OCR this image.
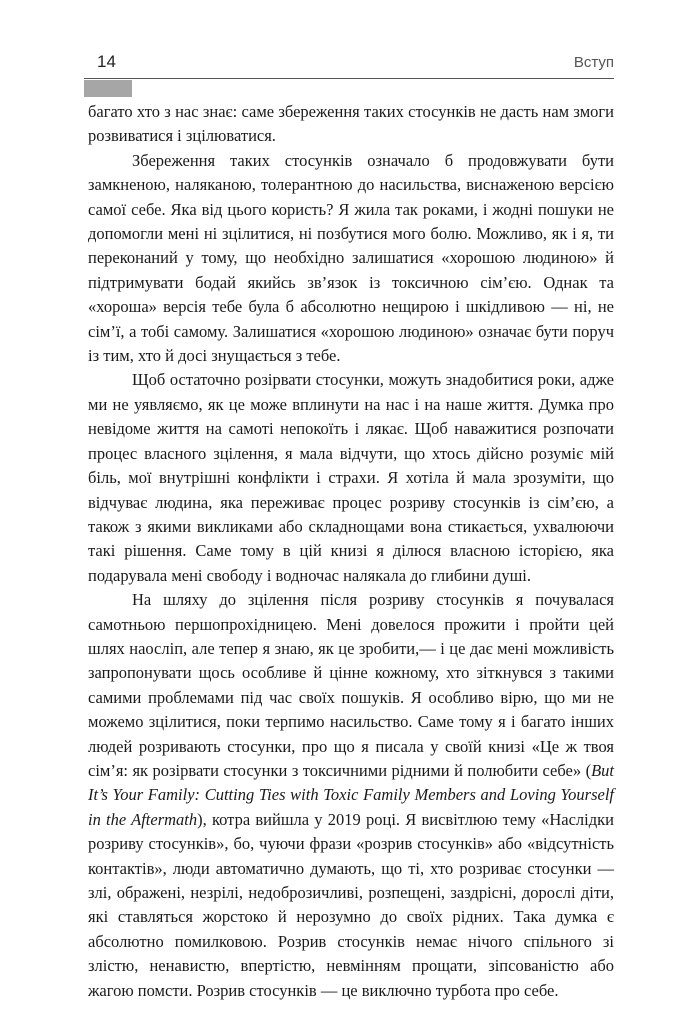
14	Вступ

багато хто з нас знає: саме збереження таких стосунків не дасть нам змоги розвиватися і зцілюватися.

Збереження таких стосунків означало б продовжувати бути замкненою, наляканою, толерантною до насильства, виснаженою версією самої себе. Яка від цього користь? Я жила так роками, і жодні пошуки не допомогли мені ні зцілитися, ні позбутися мого болю. Можливо, як і я, ти переконаний у тому, що необхідно залишатися «хорошою людиною» й підтримувати бодай якийсь зв’язок із токсичною сім’єю. Однак та «хороша» версія тебе була б абсолютно нещирою і шкідливою — ні, не сім’ї, а тобі самому. Залишатися «хорошою людиною» означає бути поруч із тим, хто й досі знущається з тебе.

Щоб остаточно розірвати стосунки, можуть знадобитися роки, адже ми не уявляємо, як це може вплинути на нас і на наше життя. Думка про невідоме життя на самоті непокоїть і лякає. Щоб наважитися розпочати процес власного зцілення, я мала відчути, що хтось дійсно розуміє мій біль, мої внутрішні конфлікти і страхи. Я хотіла й мала зрозуміти, що відчуває людина, яка переживає процес розриву стосунків із сім’єю, а також з якими викликами або складнощами вона стикається, ухвалюючи такі рішення. Саме тому в цій книзі я ділюся власною історією, яка подарувала мені свободу і водночас налякала до глибини душі.

На шляху до зцілення після розриву стосунків я почувалася самотньою першопрохідницею. Мені довелося прожити і пройти цей шлях наосліп, але тепер я знаю, як це зробити,— і це дає мені можливість запропонувати щось особливе й цінне кожному, хто зіткнувся з такими самими проблемами під час своїх пошуків. Я особливо вірю, що ми не можемо зцілитися, поки терпимо насильство. Саме тому я і багато інших людей розривають стосунки, про що я писала у своїй книзі «Це ж твоя сім’я: як розірвати стосунки з токсичними рідними й полюбити себе» (But It’s Your Family: Cutting Ties with Toxic Family Members and Loving Yourself in the Aftermath), котра вийшла у 2019 році. Я висвітлюю тему «Наслідки розриву стосунків», бо, чуючи фрази «розрив стосунків» або «відсутність контактів», люди автоматично думають, що ті, хто розриває стосунки — злі, ображені, незрілі, недоброзичливі, розпещені, заздрісні, дорослі діти, які ставляться жорстоко й нерозумно до своїх рідних. Така думка є абсолютно помилковою. Розрив стосунків немає нічого спільного зі злістю, ненавистю, впертістю, невмінням прощати, зіпсованістю або жагою помсти. Розрив стосунків — це виключно турбота про себе.
